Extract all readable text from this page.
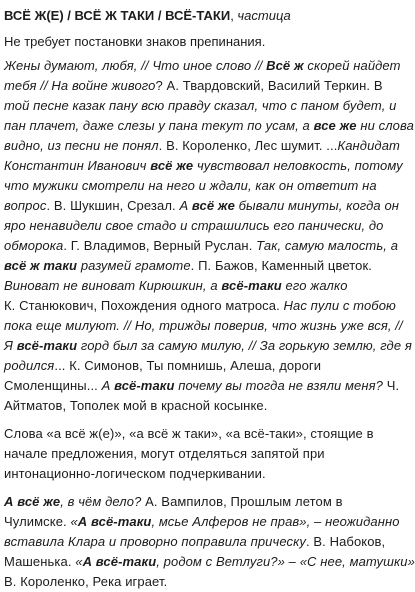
ВСЁ Ж(Е) / ВСЁ Ж ТАКИ / ВСЁ-ТАКИ, частица
Не требует постановки знаков препинания.
Жены думают, любя, // Что иное слово // Всё ж скорей найдет
тебя // На войне живого? А. Твардовский, Василий Теркин. В
той песне казак пану всю правду сказал, что с паном будет, и
пан плачет, даже слезы у пана текут по усам, а все же ни слова
видно, из песни не понял. В. Короленко, Лес шумит. ...Кандидат
Константин Иванович всё же чувствовал неловкость, потому
что мужики смотрели на него и ждали, как он ответит на
вопрос. В. Шукшин, Срезал. А всё же бывали минуты, когда он
яро ненавидели свое стадо и страшились его панически, до
обморока. Г. Владимов, Верный Руслан. Так, самую малость, а
всё ж таки разумей грамоте. П. Бажов, Каменный цветок.
Виноват не виноват Кирюшкин, а всё-таки его жалко
К. Станюкович, Похождения одного матроса. Нас пули с тобою
пока еще милуют. // Но, трижды поверив, что жизнь уже вся, //
Я всё-таки горд был за самую милую, // За горькую землю, где я
родился... К. Симонов, Ты помнишь, Алеша, дороги
Смоленщины... А всё-таки почему вы тогда не взяли меня? Ч.
Айтматов, Тополек мой в красной косынке.
Слова «а всё ж(е)», «а всё ж таки», «а всё-таки», стоящие в
начале предложения, могут отделяться запятой при
интонационно-логическом подчеркивании.
А всё же, в чём дело? А. Вампилов, Прошлым летом в
Чулимске. «А всё-таки, мсье Алферов не прав», – неожиданно
вставила Клара и проворно поправила прическу. В. Набоков,
Машенька. «А всё-таки, родом с Ветлуги?» – «С нее, матушки»
В. Короленко, Река играет.
